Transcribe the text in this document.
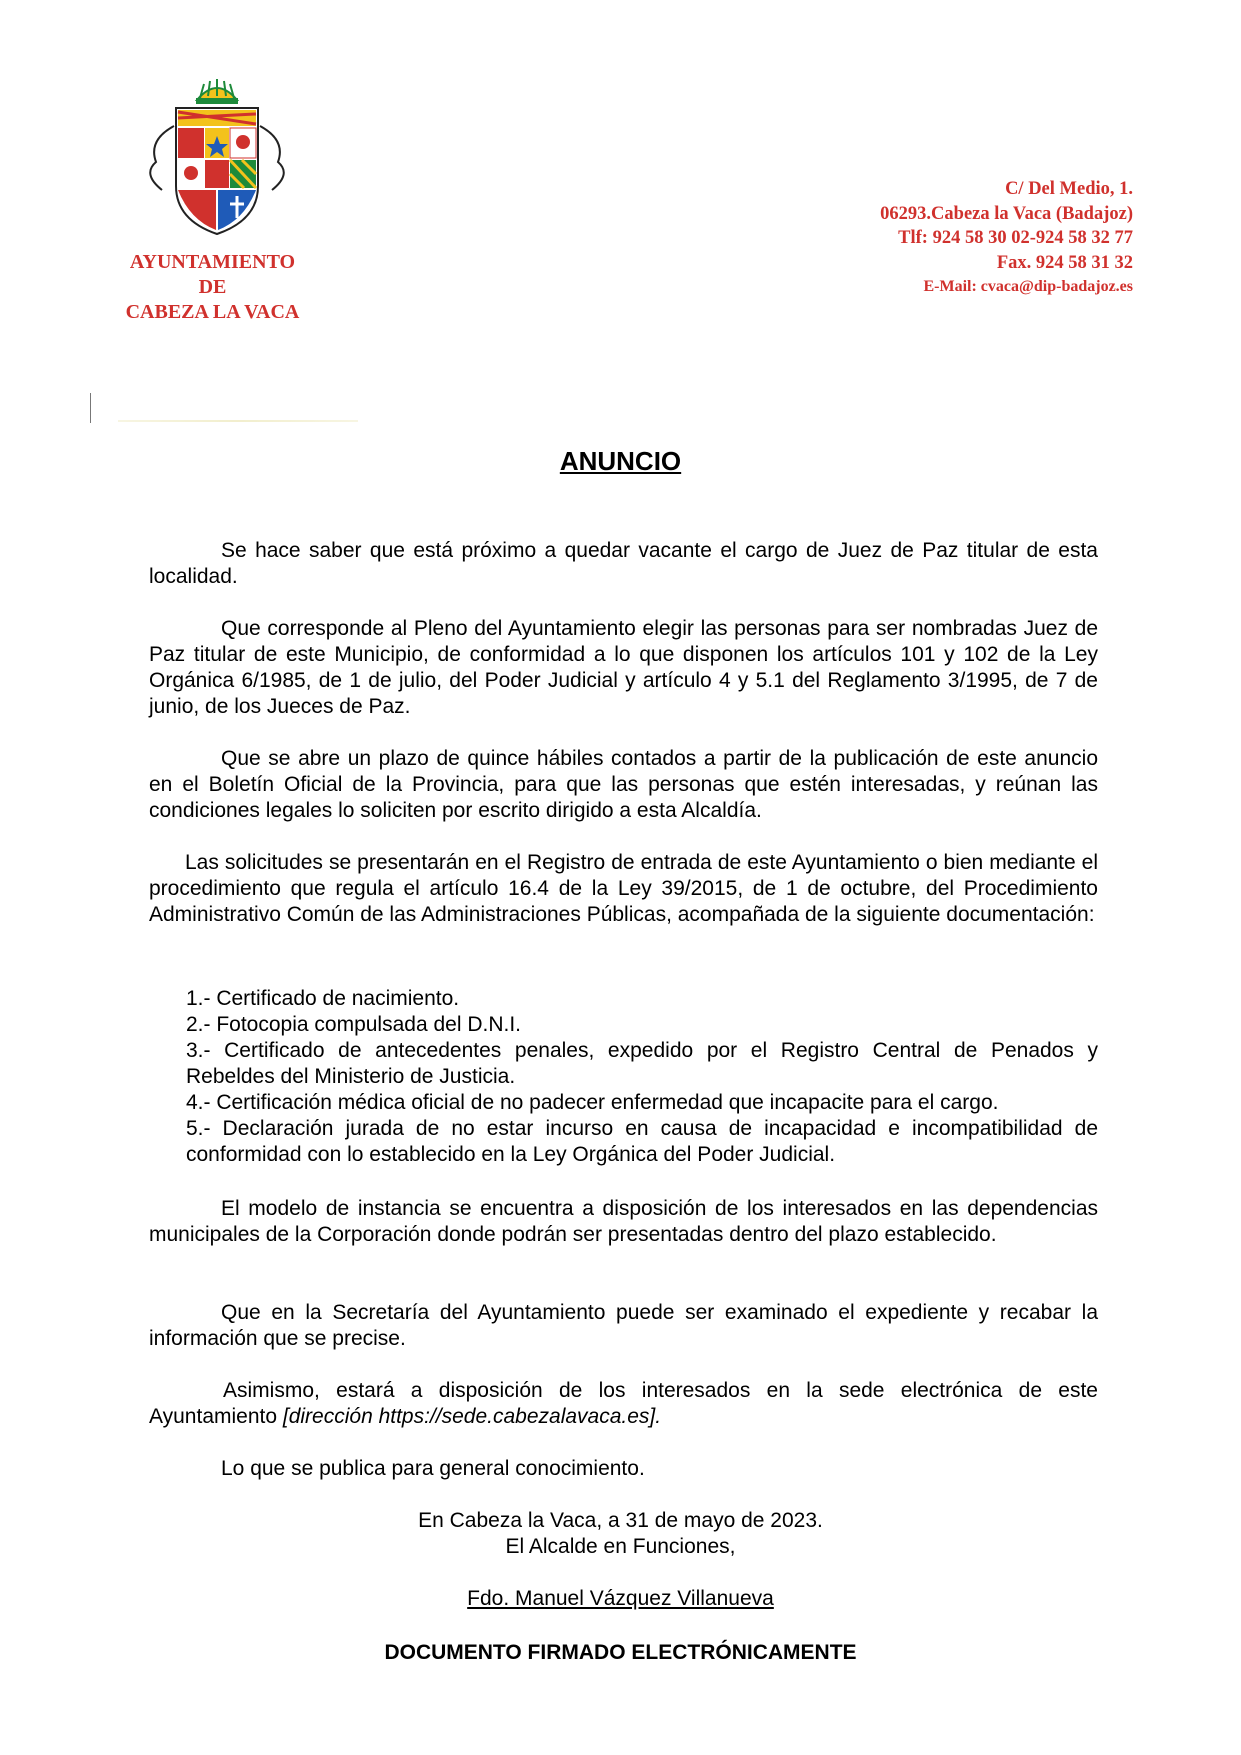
AYUNTAMIENTO
DE
CABEZA LA VACA
C/ Del Medio, 1.
06293.Cabeza la Vaca (Badajoz)
Tlf: 924 58 30 02-924 58 32 77
Fax. 924 58 31 32
E-Mail: cvaca@dip-badajoz.es
ANUNCIO
Se hace saber que está próximo a quedar vacante el cargo de Juez de Paz titular de esta localidad.
Que corresponde al Pleno del Ayuntamiento elegir las personas para ser nombradas Juez de Paz titular de este Municipio, de conformidad a lo que disponen los artículos 101 y 102 de la Ley Orgánica 6/1985, de 1 de julio, del Poder Judicial y artículo 4 y 5.1 del Reglamento 3/1995, de 7 de junio, de los Jueces de Paz.
Que se abre un plazo de quince hábiles contados a partir de la publicación de este anuncio en el Boletín Oficial de la Provincia, para que las personas que estén interesadas, y reúnan las condiciones legales lo soliciten por escrito dirigido a esta Alcaldía.
Las solicitudes se presentarán en el Registro de entrada de este Ayuntamiento o bien mediante el procedimiento que regula el artículo 16.4 de la Ley 39/2015, de 1 de octubre, del Procedimiento Administrativo Común de las Administraciones Públicas, acompañada de la siguiente documentación:
1.- Certificado de nacimiento.
2.- Fotocopia compulsada del D.N.I.
3.- Certificado de antecedentes penales, expedido por el Registro Central de Penados y Rebeldes del Ministerio de Justicia.
4.- Certificación médica oficial de no padecer enfermedad que incapacite para el cargo.
5.- Declaración jurada de no estar incurso en causa de incapacidad e incompatibilidad de conformidad con lo establecido en la Ley Orgánica del Poder Judicial.
El modelo de instancia se encuentra a disposición de los interesados en las dependencias municipales de la Corporación donde podrán ser presentadas dentro del plazo establecido.
Que en la Secretaría del Ayuntamiento puede ser examinado el expediente y recabar la información que se precise.
Asimismo, estará a disposición de los interesados en la sede electrónica de este Ayuntamiento [dirección https://sede.cabezalavaca.es].
Lo que se publica para general conocimiento.
En Cabeza la Vaca, a 31 de mayo de 2023.
El Alcalde en Funciones,
Fdo. Manuel Vázquez Villanueva
DOCUMENTO FIRMADO ELECTRÓNICAMENTE
